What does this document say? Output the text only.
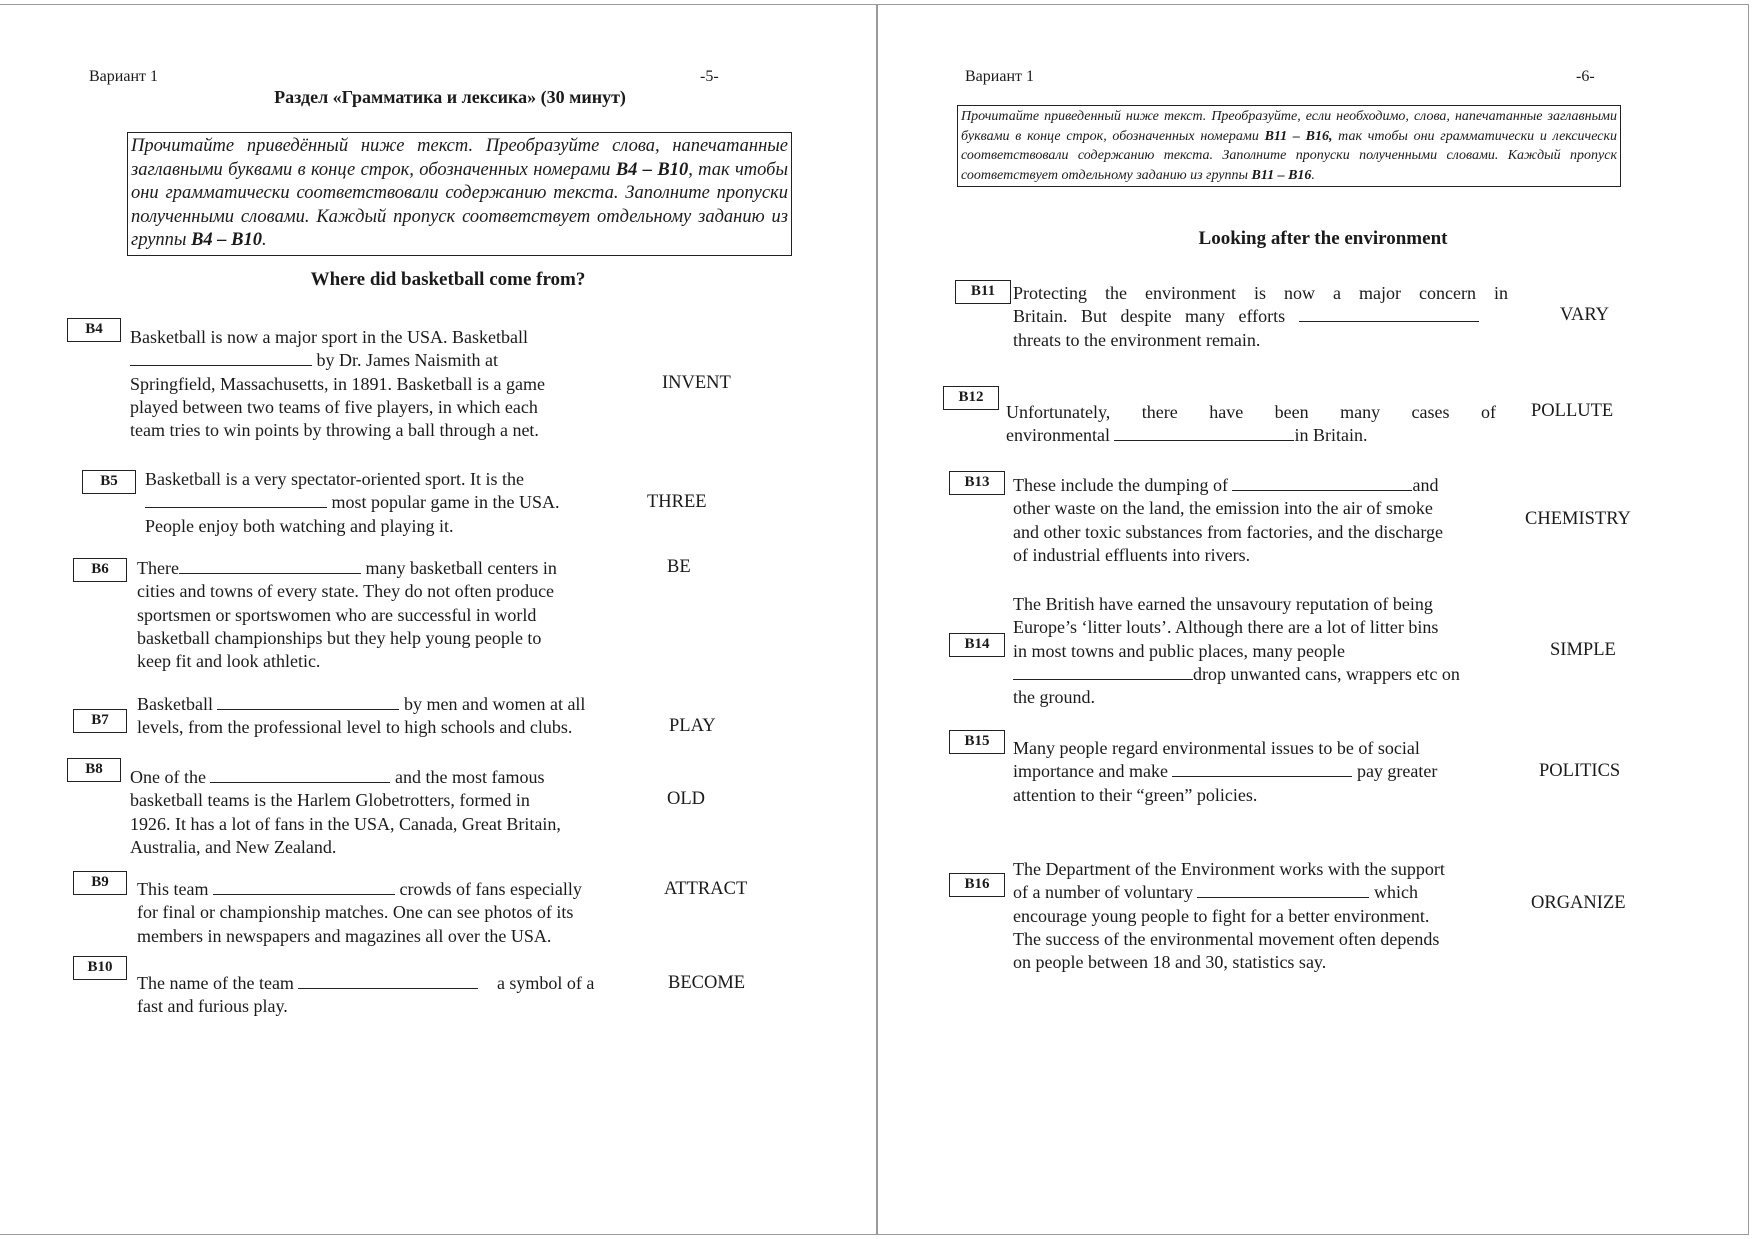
Вариант 1	-5-
Раздел «Грамматика и лексика» (30 минут)
Прочитайте приведённый ниже текст. Преобразуйте слова, напечатанные заглавными буквами в конце строк, обозначенных номерами B4 – B10, так чтобы они грамматически соответствовали содержанию текста. Заполните пропуски полученными словами. Каждый пропуск соответствует отдельному заданию из группы B4 – B10.
Where did basketball come from?
B4	Basketball is now a major sport in the USA. Basketball
by Dr. James Naismith at
Springfield, Massachusetts, in 1891. Basketball is a game
played between two teams of five players, in which each
team tries to win points by throwing a ball through a net.
INVENT
B5	Basketball is a very spectator-oriented sport. It is the
most popular game in the USA.
People enjoy both watching and playing it.
THREE
B6	There	many basketball centers in
cities and towns of every state. They do not often produce
sportsmen or sportswomen who are successful in world
basketball championships but they help young people to
keep fit and look athletic.
BE
B7
Basketball	by men and women at all
levels, from the professional level to high schools and clubs.	PLAY
B8	One of the	and the most famous
basketball teams is the Harlem Globetrotters, formed in
1926. It has a lot of fans in the USA, Canada, Great Britain,
Australia, and New Zealand.
OLD
B9	This team	crowds of fans especially
for final or championship matches. One can see photos of its
members in newspapers and magazines all over the USA.
ATTRACT
B10
The name of the team	a symbol of a
fast and furious play.
BECOME
Вариант 1	-6-
Прочитайте приведенный ниже текст. Преобразуйте, если необходимо, слова, напечатанные заглавными буквами в конце строк, обозначенных номерами B11 – B16, так чтобы они грамматически и лексически соответствовали содержанию текста. Заполните пропуски полученными словами. Каждый пропуск соответствует отдельному заданию из группы B11 – B16.
Looking after the environment
B11 Protecting the environment is now a major concern in
Britain. But despite many efforts
threats to the environment remain.
VARY
B12
Unfortunately, there have been many cases of
environmental	in Britain.
POLLUTE
B13	These include the dumping of	and
other waste on the land, the emission into the air of smoke
and other toxic substances from factories, and the discharge
of industrial effluents into rivers.
CHEMISTRY
B14
The British have earned the unsavoury reputation of being
Europe’s ‘litter louts’. Although there are a lot of litter bins
in most towns and public places, many people
drop unwanted cans, wrappers etc on
the ground.
SIMPLE
B15	Many people regard environmental issues to be of social
importance and make	pay greater
attention to their “green” policies.
POLITICS
B16
The Department of the Environment works with the support
of a number of voluntary	which
encourage young people to fight for a better environment.
The success of the environmental movement often depends
on people between 18 and 30, statistics say.
ORGANIZE
